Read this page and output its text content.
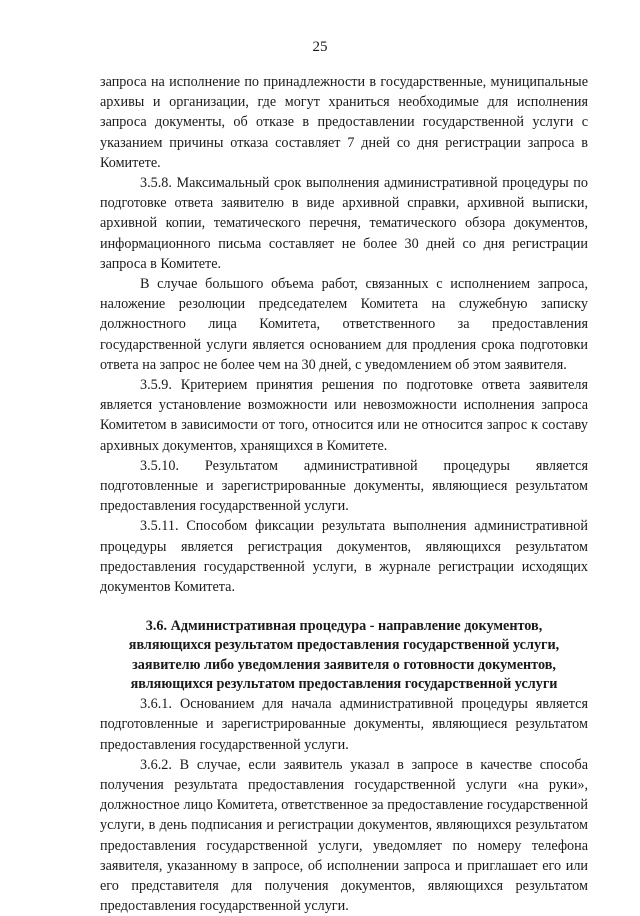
25

запроса на исполнение по принадлежности в государственные, муниципальные архивы и организации, где могут храниться необходимые для исполнения запроса документы, об отказе в предоставлении государственной услуги с указанием причины отказа составляет 7 дней со дня регистрации запроса в Комитете.

3.5.8. Максимальный срок выполнения административной процедуры по подготовке ответа заявителю в виде архивной справки, архивной выписки, архивной копии, тематического перечня, тематического обзора документов, информационного письма составляет не более 30 дней со дня регистрации запроса в Комитете.

В случае большого объема работ, связанных с исполнением запроса, наложение резолюции председателем Комитета на служебную записку должностного лица Комитета, ответственного за предоставления государственной услуги является основанием для продления срока подготовки ответа на запрос не более чем на 30 дней, с уведомлением об этом заявителя.

3.5.9. Критерием принятия решения по подготовке ответа заявителя является установление возможности или невозможности исполнения запроса Комитетом в зависимости от того, относится или не относится запрос к составу архивных документов, хранящихся в Комитете.

3.5.10. Результатом административной процедуры является подготовленные и зарегистрированные документы, являющиеся результатом предоставления государственной услуги.

3.5.11. Способом фиксации результата выполнения административной процедуры является регистрация документов, являющихся результатом предоставления государственной услуги, в журнале регистрации исходящих документов Комитета.

3.6. Административная процедура - направление документов,
являющихся результатом предоставления государственной услуги,
заявителю либо уведомления заявителя о готовности документов,
являющихся результатом предоставления государственной услуги

3.6.1. Основанием для начала административной процедуры является подготовленные и зарегистрированные документы, являющиеся результатом предоставления государственной услуги.

3.6.2. В случае, если заявитель указал в запросе в качестве способа получения результата предоставления государственной услуги «на руки», должностное лицо Комитета, ответственное за предоставление государственной услуги, в день подписания и регистрации документов, являющихся результатом предоставления государственной услуги, уведомляет по номеру телефона заявителя, указанному в запросе, об исполнении запроса и приглашает его или его представителя для получения документов, являющихся результатом предоставления государственной услуги.
